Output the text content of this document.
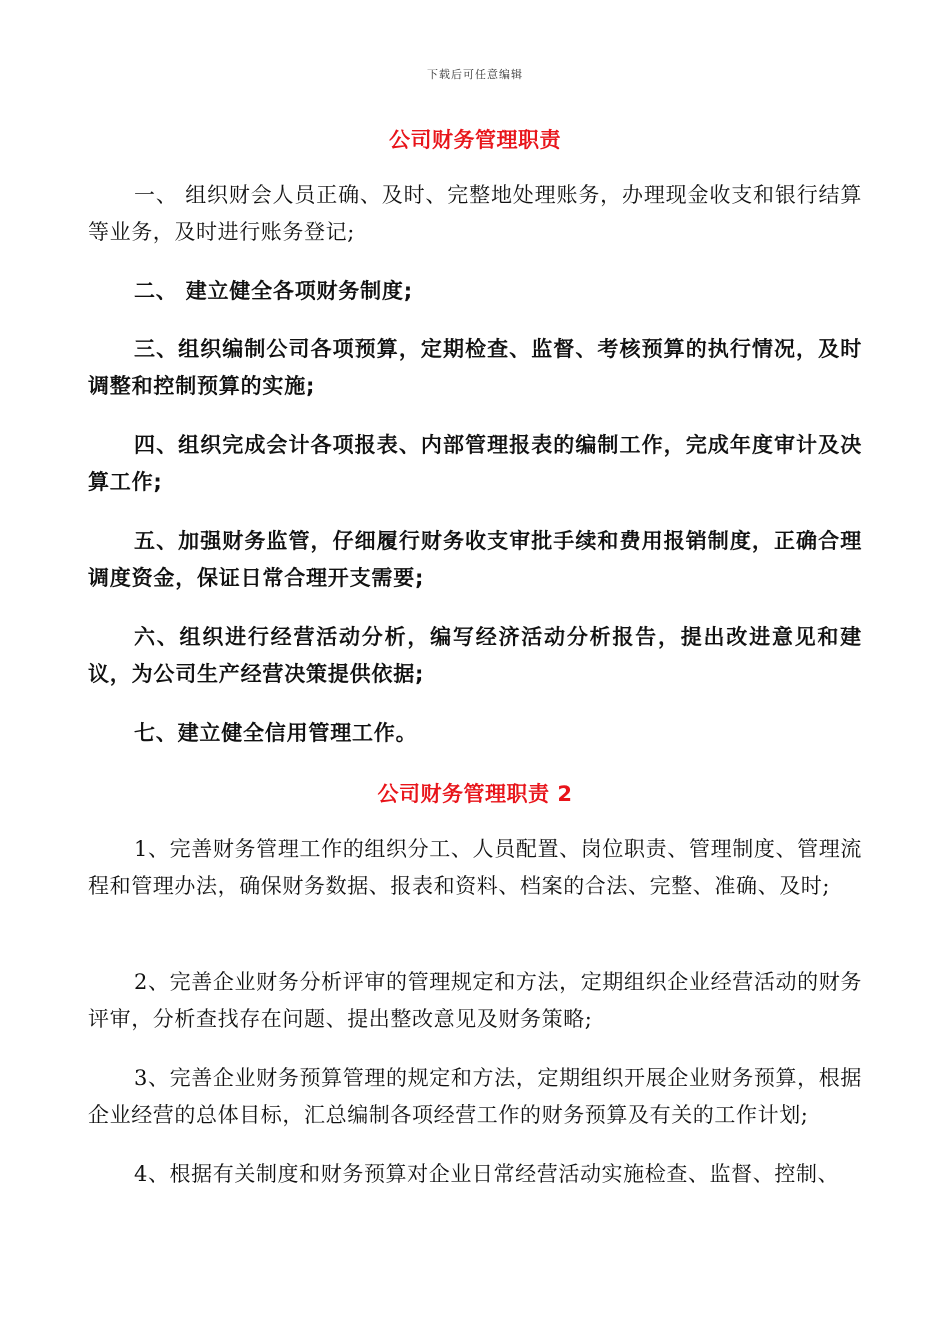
下载后可任意编辑
公司财务管理职责
一、 组织财会人员正确、及时、完整地处理账务，办理现金收支和银行结算等业务，及时进行账务登记;
二、 建立健全各项财务制度;
三、组织编制公司各项预算，定期检查、监督、考核预算的执行情况，及时调整和控制预算的实施;
四、组织完成会计各项报表、内部管理报表的编制工作，完成年度审计及决算工作;
五、加强财务监管，仔细履行财务收支审批手续和费用报销制度，正确合理调度资金，保证日常合理开支需要;
六、组织进行经营活动分析，编写经济活动分析报告，提出改进意见和建议，为公司生产经营决策提供依据;
七、建立健全信用管理工作。
公司财务管理职责 2
1、完善财务管理工作的组织分工、人员配置、岗位职责、管理制度、管理流程和管理办法，确保财务数据、报表和资料、档案的合法、完整、准确、及时;
2、完善企业财务分析评审的管理规定和方法，定期组织企业经营活动的财务评审，分析查找存在问题、提出整改意见及财务策略;
3、完善企业财务预算管理的规定和方法，定期组织开展企业财务预算，根据企业经营的总体目标，汇总编制各项经营工作的财务预算及有关的工作计划;
4、根据有关制度和财务预算对企业日常经营活动实施检查、监督、控制、
